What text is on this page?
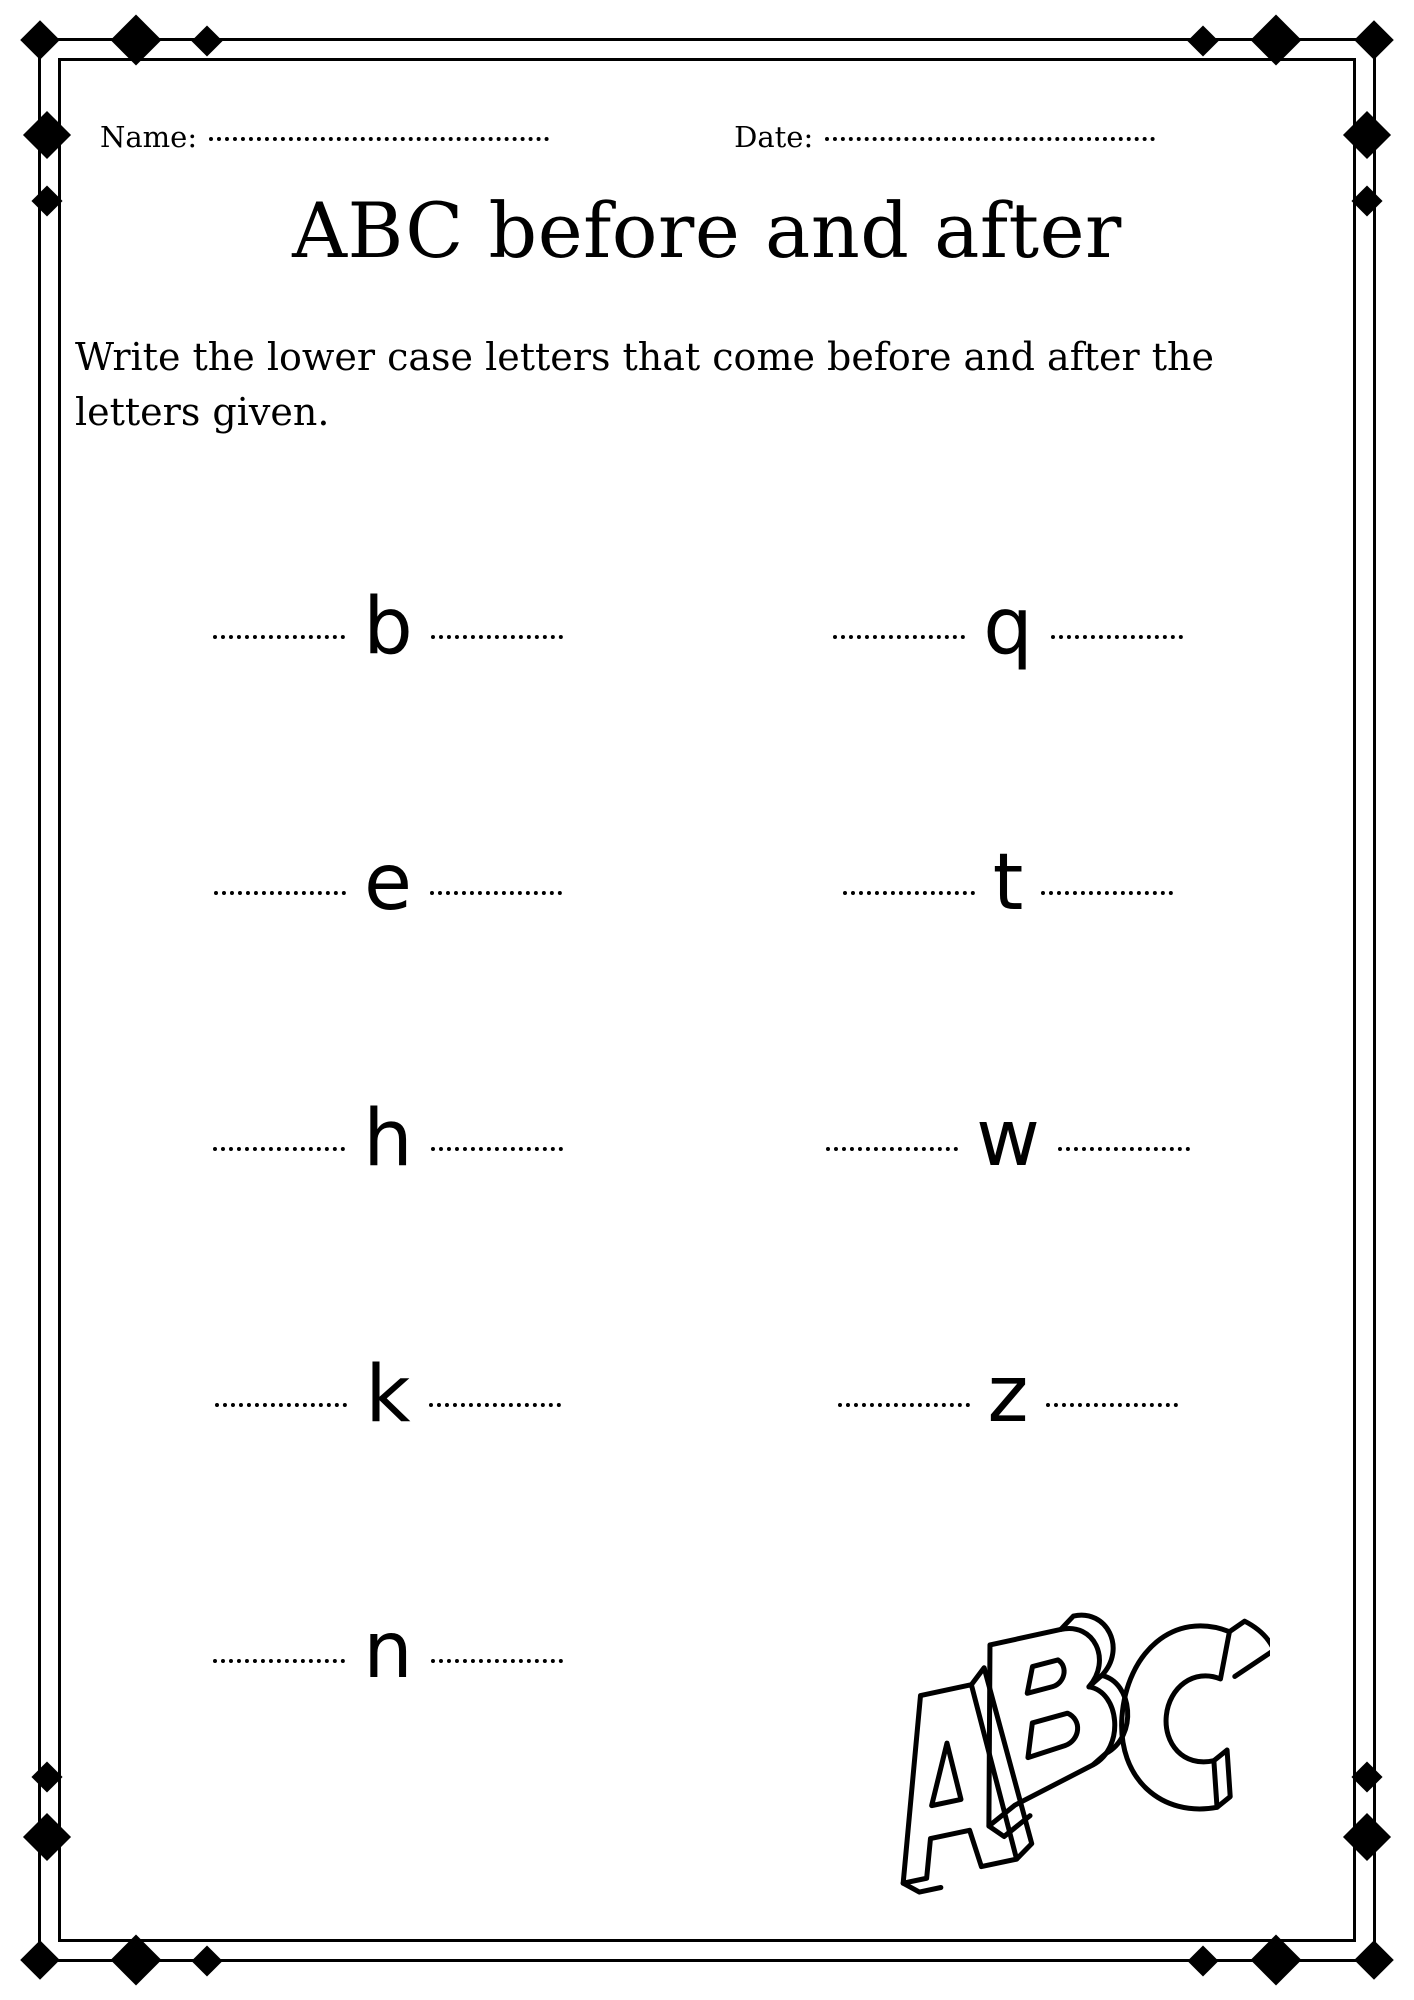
Name:	Date:
ABC before and after
Write the lower case letters that come before and after the letters given.
b	q
e	t
h	w
k	z
n
